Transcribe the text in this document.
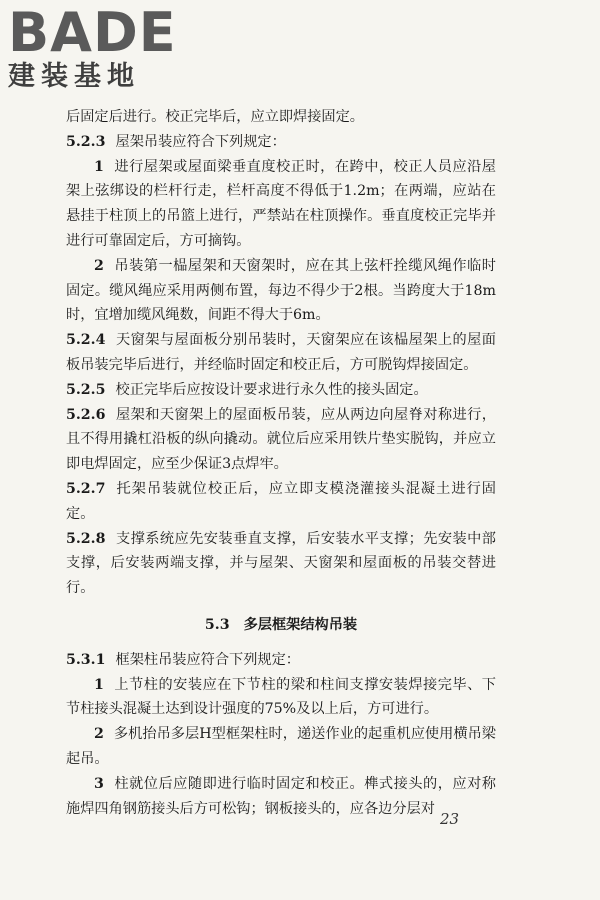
BADE
建装基地

后固定后进行。校正完毕后，应立即焊接固定。

5.2.3 屋架吊装应符合下列规定：

1 进行屋架或屋面梁垂直度校正时，在跨中，校正人员应沿屋架上弦绑设的栏杆行走，栏杆高度不得低于1.2m；在两端，应站在悬挂于柱顶上的吊篮上进行，严禁站在柱顶操作。垂直度校正完毕并进行可靠固定后，方可摘钩。

2 吊装第一榀屋架和天窗架时，应在其上弦杆拴缆风绳作临时固定。缆风绳应采用两侧布置，每边不得少于2根。当跨度大于18m时，宜增加缆风绳数，间距不得大于6m。

5.2.4 天窗架与屋面板分别吊装时，天窗架应在该榀屋架上的屋面板吊装完毕后进行，并经临时固定和校正后，方可脱钩焊接固定。

5.2.5 校正完毕后应按设计要求进行永久性的接头固定。

5.2.6 屋架和天窗架上的屋面板吊装，应从两边向屋脊对称进行，且不得用撬杠沿板的纵向撬动。就位后应采用铁片垫实脱钩，并应立即电焊固定，应至少保证3点焊牢。

5.2.7 托架吊装就位校正后，应立即支模浇灌接头混凝土进行固定。

5.2.8 支撑系统应先安装垂直支撑，后安装水平支撑；先安装中部支撑，后安装两端支撑，并与屋架、天窗架和屋面板的吊装交替进行。

5.3 多层框架结构吊装

5.3.1 框架柱吊装应符合下列规定：

1 上节柱的安装应在下节柱的梁和柱间支撑安装焊接完毕、下节柱接头混凝土达到设计强度的75%及以上后，方可进行。

2 多机抬吊多层H型框架柱时，递送作业的起重机应使用横吊梁起吊。

3 柱就位后应随即进行临时固定和校正。榫式接头的，应对称施焊四角钢筋接头后方可松钩；钢板接头的，应各边分层对

23
